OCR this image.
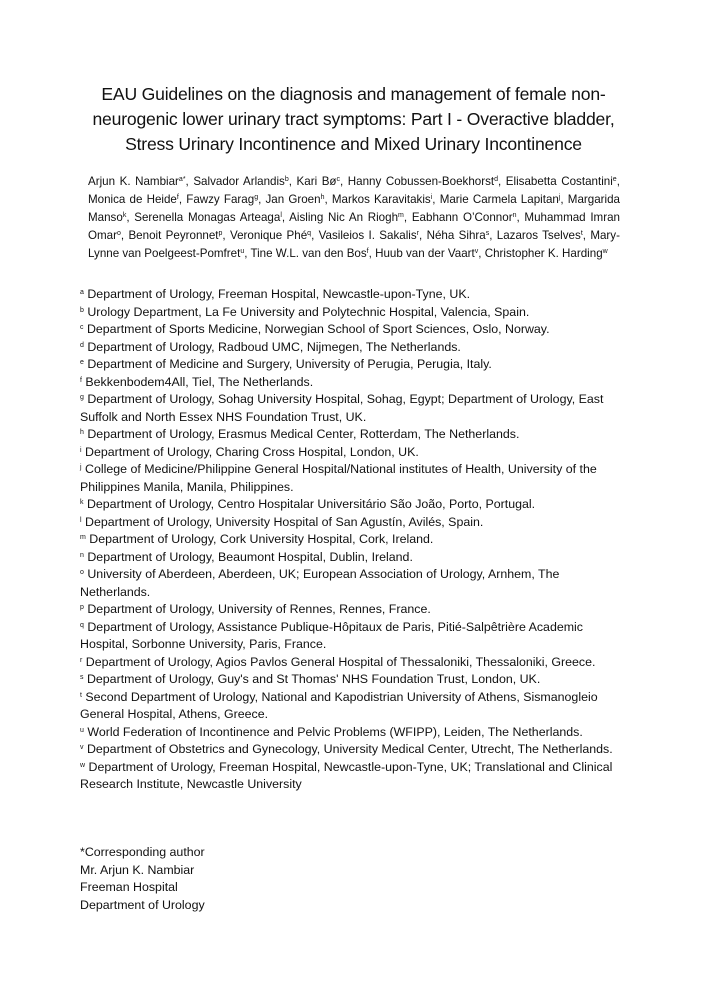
EAU Guidelines on the diagnosis and management of female non-
neurogenic lower urinary tract symptoms: Part I - Overactive bladder,
Stress Urinary Incontinence and Mixed Urinary Incontinence
Arjun K. Nambiar$^{a*}$, Salvador Arlandis$^b$, Kari $Bø^c$, Hanny Cobussen-Boekhorst$^d$, Elisabetta Costantini$^e$, Monica de Heide$^f$, Fawzy Farag$^g$, Jan Groen$^h$, Markos Karavitakis$^i$, Marie Carmela Lapitan$^j$, Margarida Manso$^k$, Serenella Monagas Arteaga$^l$, Aisling Nic An Riogh$^m$, Eabhann O’Connor$^n$, Muhammad Imran Omar$^o$, Benoit Peyronnet$^p$, Veronique Phé$^q$, Vasileios I. Sakalis$^r$, Néha Sihra$^s$, Lazaros Tselves$^t$, Mary-Lynne van Poelgeest-Pomfret$^u$, Tine W.L. van den Bos$^f$, Huub van der Vaart$^v$, Christopher K. Harding$^w$
$^a$ Department of Urology, Freeman Hospital, Newcastle-upon-Tyne, UK.
$^b$ Urology Department, La Fe University and Polytechnic Hospital, Valencia, Spain.
$^c$ Department of Sports Medicine, Norwegian School of Sport Sciences, Oslo, Norway.
$^d$ Department of Urology, Radboud UMC, Nijmegen, The Netherlands.
$^e$ Department of Medicine and Surgery, University of Perugia, Perugia, Italy.
$^f$ Bekkenbodem4All, Tiel, The Netherlands.
$^g$ Department of Urology, Sohag University Hospital, Sohag, Egypt; Department of Urology, East Suffolk and North Essex NHS Foundation Trust, UK.
$^h$ Department of Urology, Erasmus Medical Center, Rotterdam, The Netherlands.
$^i$ Department of Urology, Charing Cross Hospital, London, UK.
$^j$ College of Medicine/Philippine General Hospital/National institutes of Health, University of the Philippines Manila, Manila, Philippines.
$^k$ Department of Urology, Centro Hospitalar Universitário São João, Porto, Portugal.
$^l$ Department of Urology, University Hospital of San Agustín, Avilés, Spain.
$^m$ Department of Urology, Cork University Hospital, Cork, Ireland.
$^n$ Department of Urology, Beaumont Hospital, Dublin, Ireland.
$^o$ University of Aberdeen, Aberdeen, UK; European Association of Urology, Arnhem, The Netherlands.
$^p$ Department of Urology, University of Rennes, Rennes, France.
$^q$ Department of Urology, Assistance Publique-Hôpitaux de Paris, Pitié-Salpêtrière Academic Hospital, Sorbonne University, Paris, France.
$^r$ Department of Urology, Agios Pavlos General Hospital of Thessaloniki, Thessaloniki, Greece.
$^s$ Department of Urology, Guy's and St Thomas' NHS Foundation Trust, London, UK.
$^t$ Second Department of Urology, National and Kapodistrian University of Athens, Sismanogleio General Hospital, Athens, Greece.
$^u$ World Federation of Incontinence and Pelvic Problems (WFIPP), Leiden, The Netherlands.
$^v$ Department of Obstetrics and Gynecology, University Medical Center, Utrecht, The Netherlands.
$^w$ Department of Urology, Freeman Hospital, Newcastle-upon-Tyne, UK; Translational and Clinical Research Institute, Newcastle University
*Corresponding author
Mr. Arjun K. Nambiar
Freeman Hospital
Department of Urology
